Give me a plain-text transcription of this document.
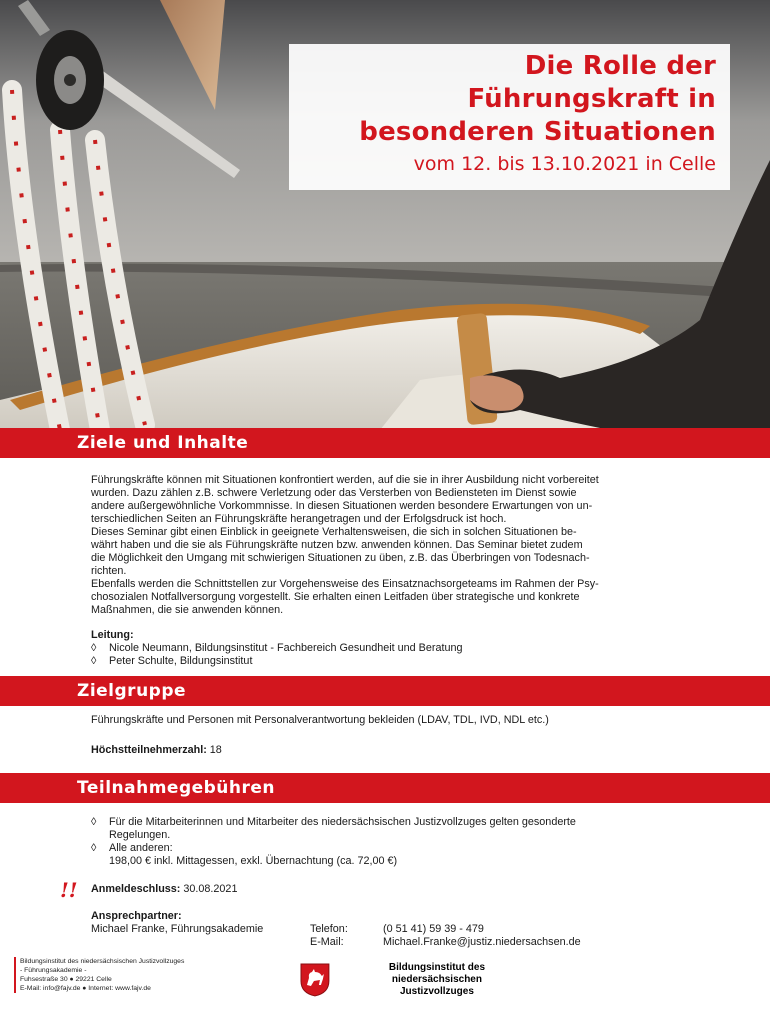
Die Rolle der
Führungskraft in
besonderen Situationen
vom 12. bis 13.10.2021 in Celle
Ziele und Inhalte
Führungskräfte können mit Situationen konfrontiert werden, auf die sie in ihrer Ausbildung nicht vorbereitet
wurden. Dazu zählen z.B. schwere Verletzung oder das Versterben von Bediensteten im Dienst sowie
andere außergewöhnliche Vorkommnisse. In diesen Situationen werden besondere Erwartungen von un-
terschiedlichen Seiten an Führungskräfte herangetragen und der Erfolgsdruck ist hoch.
Dieses Seminar gibt einen Einblick in geeignete Verhaltensweisen, die sich in solchen Situationen be-
währt haben und die sie als Führungskräfte nutzen bzw. anwenden können. Das Seminar bietet zudem
die Möglichkeit den Umgang mit schwierigen Situationen zu üben, z.B. das Überbringen von Todesnach-
richten.
Ebenfalls werden die Schnittstellen zur Vorgehensweise des Einsatznachsorgeteams im Rahmen der Psy-
chosozialen Notfallversorgung vorgestellt. Sie erhalten einen Leitfaden über strategische und konkrete
Maßnahmen, die sie anwenden können.
Leitung:
◊	Nicole Neumann, Bildungsinstitut - Fachbereich Gesundheit und Beratung
◊	Peter Schulte, Bildungsinstitut
Zielgruppe
Führungskräfte und Personen mit Personalverantwortung bekleiden (LDAV, TDL, IVD, NDL etc.)
Höchstteilnehmerzahl: 18
Teilnahmegebühren
◊	Für die Mitarbeiterinnen und Mitarbeiter des niedersächsischen Justizvollzuges gelten gesonderte
Regelungen.
◊	Alle anderen:
198,00 € inkl. Mittagessen, exkl. Übernachtung (ca. 72,00 €)
!! Anmeldeschluss: 30.08.2021
Ansprechpartner:
Michael Franke, Führungsakademie	Telefon:	(0 51 41) 59 39 - 479
E-Mail:	Michael.Franke@justiz.niedersachsen.de
Bildungsinstitut des niedersächsischen Justizvollzuges
- Führungsakademie -
Fuhsestraße 30 ● 29221 Celle
E-Mail: info@fajv.de ● Internet: www.fajv.de
Bildungsinstitut des
niedersächsischen Justizvollzuges
